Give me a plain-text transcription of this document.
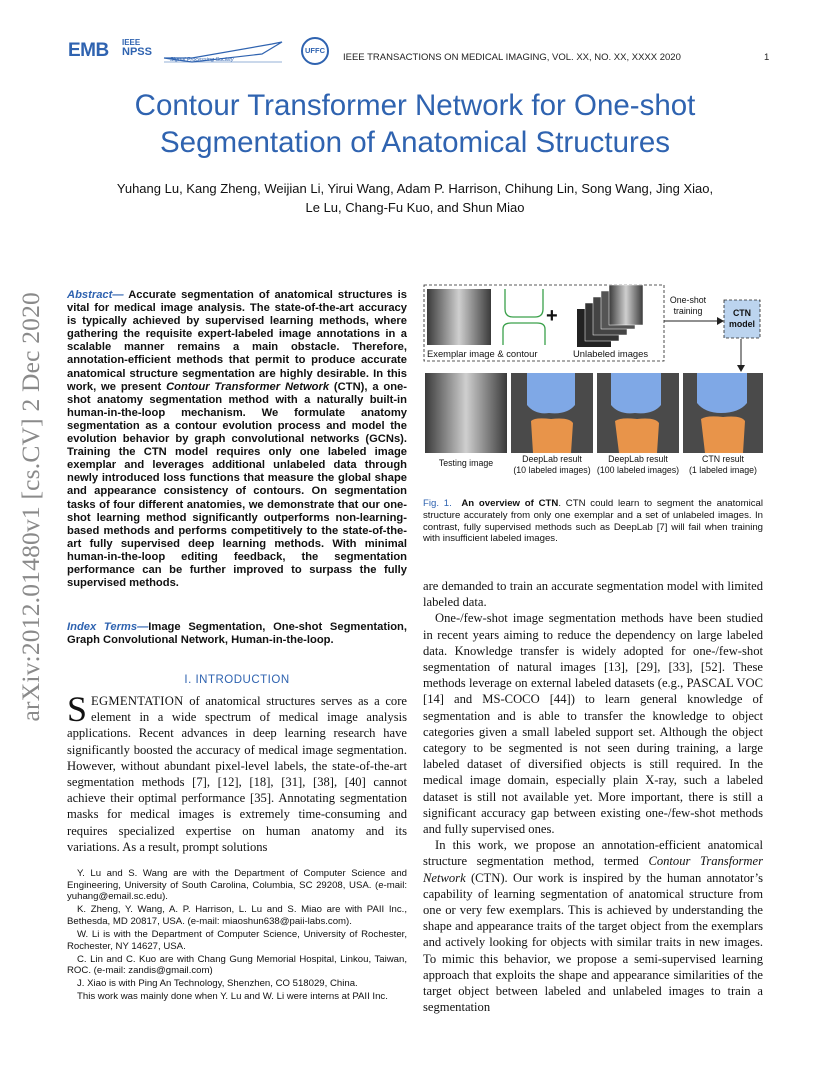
EMB IEEE
NPSS
Signal Processing Society
UFFC
IEEE TRANSACTIONS ON MEDICAL IMAGING, VOL. XX, NO. XX, XXXX 2020	1
arXiv:2012.01480v1 [cs.CV] 2 Dec 2020
Contour Transformer Network for One-shot
Segmentation of Anatomical Structures
Yuhang Lu, Kang Zheng, Weijian Li, Yirui Wang, Adam P. Harrison, Chihung Lin, Song Wang, Jing Xiao,
Le Lu, Chang-Fu Kuo, and Shun Miao
Abstract— Accurate segmentation of anatomical structures is vital for medical image analysis. The state-of-the-art accuracy is typically achieved by supervised learning methods, where gathering the requisite expert-labeled image annotations in a scalable manner remains a main obstacle. Therefore, annotation-efficient methods that permit to produce accurate anatomical structure segmentation are highly desirable. In this work, we present Contour Transformer Network (CTN), a one-shot anatomy segmentation method with a naturally built-in human-in-the-loop mechanism. We formulate anatomy segmentation as a contour evolution process and model the evolution behavior by graph convolutional networks (GCNs). Training the CTN model requires only one labeled image exemplar and leverages additional unlabeled data through newly introduced loss functions that measure the global shape and appearance consistency of contours. On segmentation tasks of four different anatomies, we demonstrate that our one-shot learning method significantly outperforms non-learning-based methods and performs competitively to the state-of-the-art fully supervised deep learning methods. With minimal human-in-the-loop editing feedback, the segmentation performance can be further improved to surpass the fully supervised methods.
Index Terms—Image Segmentation, One-shot Segmentation, Graph Convolutional Network, Human-in-the-loop.
I. INTRODUCTION
SEGMENTATION of anatomical structures serves as a core element in a wide spectrum of medical image analysis applications. Recent advances in deep learning research have significantly boosted the accuracy of medical image segmentation. However, without abundant pixel-level labels, the state-of-the-art segmentation methods [7], [12], [18], [31], [38], [40] cannot achieve their optimal performance [35]. Annotating segmentation masks for medical images is extremely time-consuming and requires specialized expertise on human anatomy and its variations. As a result, prompt solutions

Y. Lu and S. Wang are with the Department of Computer Science and Engineering, University of South Carolina, Columbia, SC 29208, USA. (e-mail: yuhang@email.sc.edu).

K. Zheng, Y. Wang, A. P. Harrison, L. Lu and S. Miao are with PAII Inc., Bethesda, MD 20817, USA. (e-mail: miaoshun638@paii-labs.com).

W. Li is with the Department of Computer Science, University of Rochester, Rochester, NY 14627, USA.

C. Lin and C. Kuo are with Chang Gung Memorial Hospital, Linkou, Taiwan, ROC. (e-mail: zandis@gmail.com)

J. Xiao is with Ping An Technology, Shenzhen, CO 518029, China.

This work was mainly done when Y. Lu and W. Li were interns at PAII Inc.

+
Exemplar image & contour	Unlabeled images
One-shot
training	CTN
model
Testing image	DeepLab result
(10 labeled images)
DeepLab result
(100 labeled images)
CTN result
(1 labeled image)
Fig. 1. An overview of CTN. CTN could learn to segment the anatomical structure accurately from only one exemplar and a set of unlabeled images. In contrast, fully supervised methods such as DeepLab [7] will fail when training with insufficient labeled images.

are demanded to train an accurate segmentation model with limited labeled data.

One-/few-shot image segmentation methods have been studied in recent years aiming to reduce the dependency on large labeled data. Knowledge transfer is widely adopted for one-/few-shot segmentation of natural images [13], [29], [33], [52]. These methods leverage on external labeled datasets (e.g., PASCAL VOC [14] and MS-COCO [44]) to learn general knowledge of segmentation and is able to transfer the knowledge to object categories given a small labeled support set. Although the object category to be segmented is not seen during training, a large labeled dataset of diversified objects is still required. In the medical image domain, especially plain X-ray, such a labeled dataset is still not available yet. More important, there is still a significant accuracy gap between existing one-/few-shot methods and fully supervised ones.

In this work, we propose an annotation-efficient anatomical structure segmentation method, termed Contour Transformer Network (CTN). Our work is inspired by the human annotator’s capability of learning segmentation of anatomical structure from one or very few exemplars. This is achieved by understanding the shape and appearance traits of the target object from the exemplars and actively looking for objects with similar traits in new images. To mimic this behavior, we propose a semi-supervised learning approach that exploits the shape and appearance similarities of the target object between labeled and unlabeled images to train a segmentation
